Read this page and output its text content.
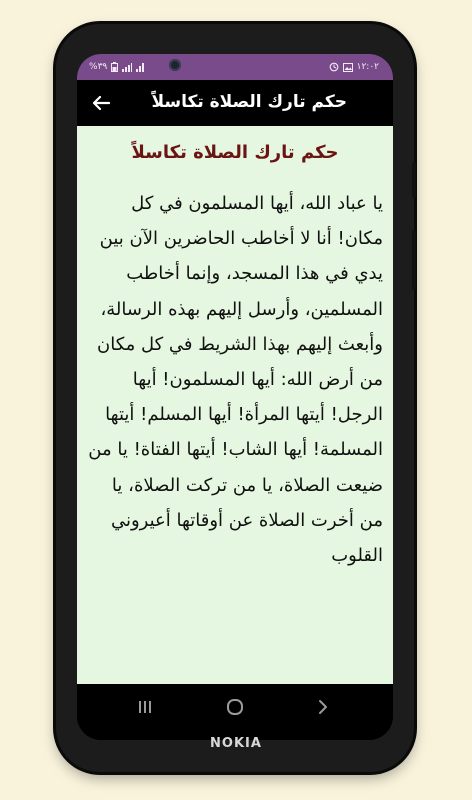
%٣٩	١٢:٠٢
حكم تارك الصلاة تكاسلاً
حكم تارك الصلاة تكاسلاً
يا عباد الله، أيها المسلمون في كل مكان! أنا لا أخاطب الحاضرين الآن بين يدي في هذا المسجد، وإنما أخاطب المسلمين، وأرسل إليهم بهذه الرسالة، وأبعث إليهم بهذا الشريط في كل مكان من أرض الله: أيها المسلمون! أيها الرجل! أيتها المرأة! أيها المسلم! أيتها المسلمة! أيها الشاب! أيتها الفتاة! يا من ضيعت الصلاة، يا من تركت الصلاة، يا من أخرت الصلاة عن أوقاتها أعيروني القلوب
NOKIA
